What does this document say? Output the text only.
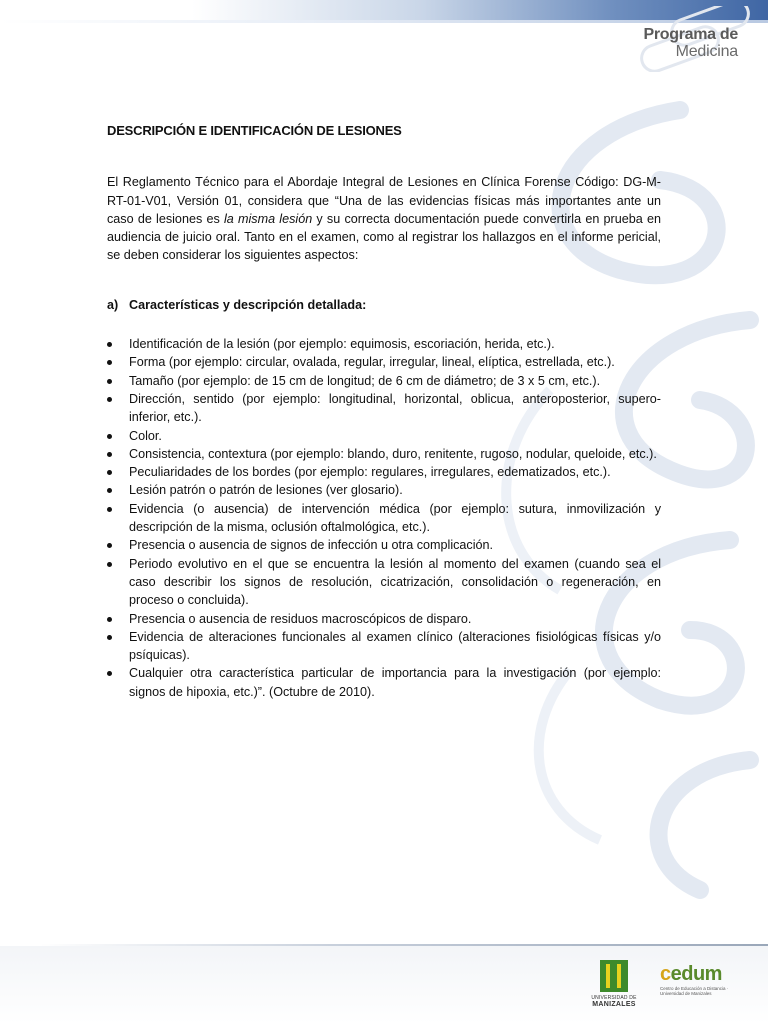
Programa de
Medicina
DESCRIPCIÓN E IDENTIFICACIÓN DE LESIONES

El Reglamento Técnico para el Abordaje Integral de Lesiones en Clínica Forense Código: DG-M-RT-01-V01, Versión 01, considera que “Una de las evidencias físicas más importantes ante un caso de lesiones es la misma lesión y su correcta documentación puede convertirla en prueba en audiencia de juicio oral. Tanto en el examen, como al registrar los hallazgos en el informe pericial, se deben considerar los siguientes aspectos:

a) Características y descripción detallada:
Identificación de la lesión (por ejemplo: equimosis, escoriación, herida, etc.).
Forma (por ejemplo: circular, ovalada, regular, irregular, lineal, elíptica, estrellada, etc.).
Tamaño (por ejemplo: de 15 cm de longitud; de 6 cm de diámetro; de 3 x 5 cm, etc.).
Dirección, sentido (por ejemplo: longitudinal, horizontal, oblicua, anteroposterior, supero-inferior, etc.).
Color.
Consistencia, contextura (por ejemplo: blando, duro, renitente, rugoso, nodular, queloide, etc.).
Peculiaridades de los bordes (por ejemplo: regulares, irregulares, edematizados, etc.).
Lesión patrón o patrón de lesiones (ver glosario).
Evidencia (o ausencia) de intervención médica (por ejemplo: sutura, inmovilización y descripción de la misma, oclusión oftalmológica, etc.).
Presencia o ausencia de signos de infección u otra complicación.
Periodo evolutivo en el que se encuentra la lesión al momento del examen (cuando sea el caso describir los signos de resolución, cicatrización, consolidación o regeneración, en proceso o concluida).
Presencia o ausencia de residuos macroscópicos de disparo.
Evidencia de alteraciones funcionales al examen clínico (alteraciones fisiológicas físicas y/o psíquicas).
Cualquier otra característica particular de importancia para la investigación (por ejemplo: signos de hipoxia, etc.)”. (Octubre de 2010).
UNIVERSIDAD DE
MANIZALES
cedum
Centro de Educación a Distancia · Universidad de Manizales
